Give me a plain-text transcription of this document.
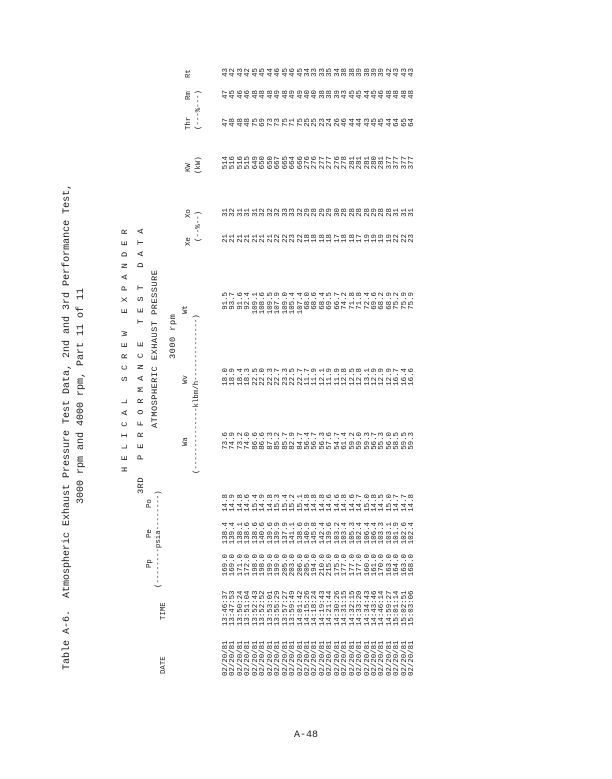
Table A-6.  Atmospheric Exhaust Pressure Test Data, 2nd and 3rd Performance Test, 3000 rpm and 4000 rpm, Part 11 of 11	H E L I C A L   S C R E W   E X P A N D E R 3RD   P E R F O R M A N C E   T E S T   D A T A ATMOSPHERIC EXHAUST PRESSURE 3000 rpm
Wa
Wv
Wt
(--------------klbm/h--------------)
Pp
Pe
Po (--------psia--------)
DATE
TIME
Xe
Xo (--%--)
KW (kW)
Thr
Rm
Rt
(---%---)
02/20/81
13:46:37
169.0
138.4
14.8
73.6
18.0
91.5
21
31
514
47
47
43
02/20/81
13:47:53
169.0
139.4
14.9
74.9
18.9
93.7
21
32
516
48
45
42
02/20/81
13:50:24
171.0
138.1
14.8
73.2
18.4
91.6
21
31
516
48
46
43
02/20/81
13:51:04
172.0
138.6
14.6
74.0
18.3
92.4
21
31
515
48
46
42
02/20/81
13:52:43
198.0
138.6
15.4
86.6
22.5
109.1
21
31
649
75
48
45
02/20/81
13:52:52
198.0
140.6
14.9
86.6
22.0
108.6
21
32
650
69
48
45
02/20/81
13:53:01
199.0
139.6
14.8
87.3
22.3
109.5
21
32
650
73
48
44
02/20/81
13:55:29
199.0
139.9
15.3
85.2
22.7
107.9
22
32
667
73
49
46
02/20/81
13:57:27
205.0
137.9
15.4
85.7
23.3
109.0
22
33
665
75
48
45
02/20/81
13:59:49
203.0
141.1
15.2
82.9
22.5
105.4
23
33
664
71
49
46
02/20/81
14:01:42
206.0
138.6
15.1
84.7
22.7
107.4
22
32
666
75
49
45
02/20/81
14:15:26
205.0
140.9
14.8
56.4
11.7
68.0
18
29
276
25
40
34
02/20/81
14:18:24
194.0
145.8
14.8
56.7
11.9
68.6
18
28
276
25
40
33
02/20/81
14:19:43
210.0
142.4
14.8
56.3
12.1
68.4
18
29
277
23
38
33
02/20/81
14:21:44
215.0
139.6
14.6
57.6
11.9
69.5
18
29
277
24
38
35
02/20/81
14:30:26
175.0
103.2
14.6
54.7
11.9
66.7
17
30
276
26
39
34
02/20/81
14:31:15
177.0
103.4
14.8
61.4
12.8
74.2
18
28
278
46
43
38
02/20/81
14:32:15
177.0
105.3
14.6
59.2
12.5
71.8
18
28
281
44
45
38
02/20/81
14:33:20
177.0
102.4
14.7
59.0
12.8
71.8
17
28
281
44
45
39
02/20/81
14:34:43
160.0
106.4
15.0
59.3
13.1
72.4
19
28
281
43
44
38
02/20/81
14:43:46
161.0
106.4
14.8
56.7
12.9
69.6
19
29
280
45
45
39
02/20/81
14:46:14
170.0
103.3
14.5
55.3
12.9
68.2
19
28
281
45
46
39
02/20/81
14:59:27
163.0
103.1
15.0
56.0
12.9
68.9
19
28
377
44
48
42
02/20/81
15:01:14
164.0
101.9
14.7
58.5
16.7
75.2
22
31
377
64
48
43
02/20/81
15:02:51
163.0
102.6
14.7
59.5
16.4
75.9
22
31
377
65
48
43
02/20/81
15:03:06
168.0
102.4
14.8
59.3
16.6
75.9
23
31
377
64
48
43
A-48
